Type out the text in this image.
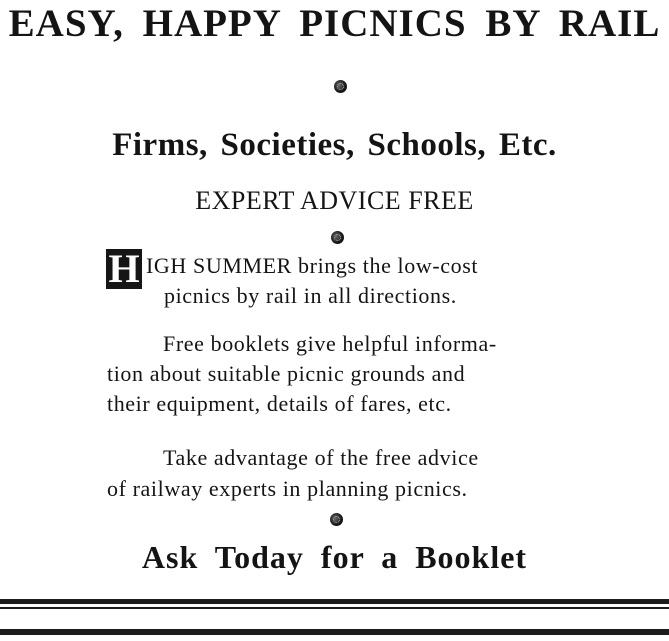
EASY, HAPPY PICNICS BY RAIL
Firms, Societies, Schools, Etc.
EXPERT ADVICE FREE
H IGH SUMMER brings the low-cost
picnics by rail in all directions.
Free booklets give helpful informa-
tion about suitable picnic grounds and
their equipment, details of fares, etc.
Take advantage of the free advice
of railway experts in planning picnics.
Ask Today for a Booklet
